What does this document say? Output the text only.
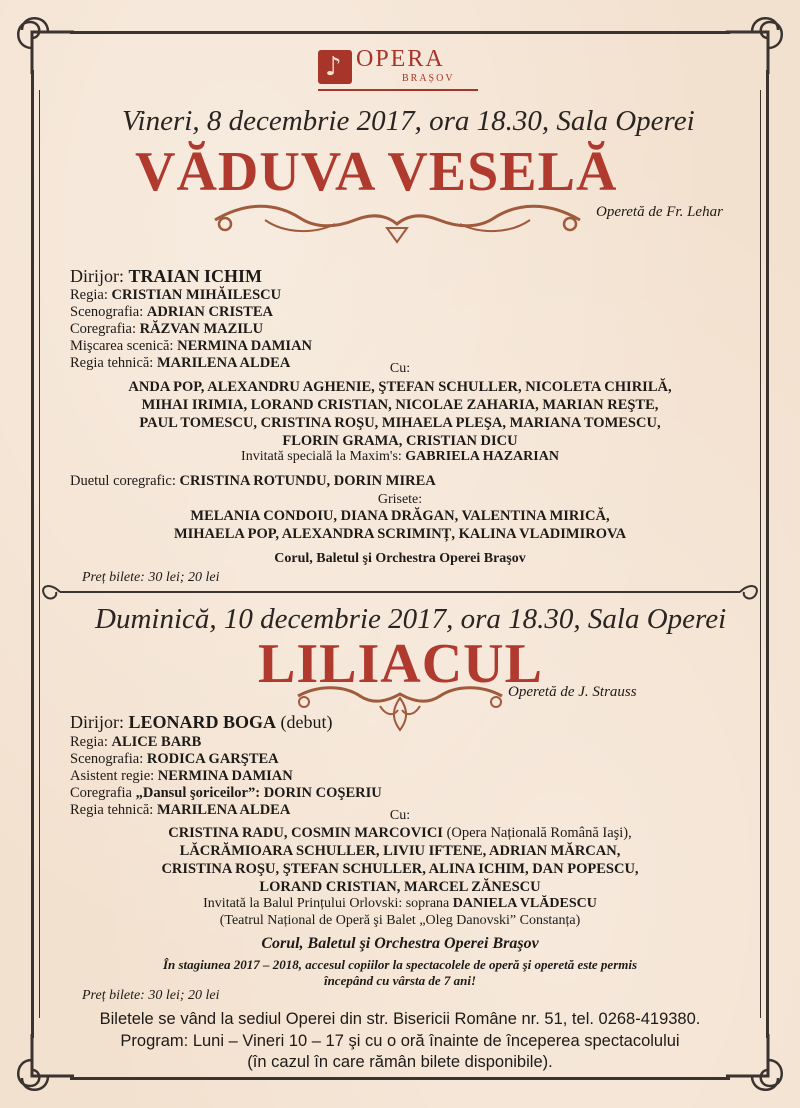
♪ OPERA
BRAȘOV
Vineri, 8 decembrie 2017, ora 18.30, Sala Operei
VĂDUVA VESELĂ
Operetă de Fr. Lehar
Dirijor: TRAIAN ICHIM
Regia: CRISTIAN MIHĂILESCU
Scenografia: ADRIAN CRISTEA
Coregrafia: RĂZVAN MAZILU
Mişcarea scenică: NERMINA DAMIAN
Regia tehnică: MARILENA ALDEA	Cu:
ANDA POP, ALEXANDRU AGHENIE, ŞTEFAN SCHULLER, NICOLETA CHIRILĂ,
MIHAI IRIMIA, LORAND CRISTIAN, NICOLAE ZAHARIA, MARIAN REŞTE,
PAUL TOMESCU, CRISTINA ROŞU, MIHAELA PLEŞA, MARIANA TOMESCU,
FLORIN GRAMA, CRISTIAN DICU
Invitată specială la Maxim's: GABRIELA HAZARIAN
Duetul coregrafic: CRISTINA ROTUNDU, DORIN MIREA
Grisete:
MELANIA CONDOIU, DIANA DRĂGAN, VALENTINA MIRICĂ,
MIHAELA POP, ALEXANDRA SCRIMINȚ, KALINA VLADIMIROVA
Corul, Baletul şi Orchestra Operei Braşov
Preț bilete: 30 lei; 20 lei
Duminică, 10 decembrie 2017, ora 18.30, Sala Operei
LILIACUL
Operetă de J. Strauss
Dirijor: LEONARD BOGA (debut)
Regia: ALICE BARB
Scenografia: RODICA GARŞTEA
Asistent regie: NERMINA DAMIAN
Coregrafia „Dansul şoriceilor”: DORIN COŞERIU
Regia tehnică: MARILENA ALDEA	Cu:
CRISTINA RADU, COSMIN MARCOVICI (Opera Națională Română Iaşi),
LĂCRĂMIOARA SCHULLER, LIVIU IFTENE, ADRIAN MĂRCAN,
CRISTINA ROŞU, ŞTEFAN SCHULLER, ALINA ICHIM, DAN POPESCU,
LORAND CRISTIAN, MARCEL ZĂNESCU
Invitată la Balul Prințului Orlovski: soprana DANIELA VLĂDESCU
(Teatrul Național de Operă şi Balet „Oleg Danovski” Constanța)
Corul, Baletul şi Orchestra Operei Braşov
În stagiunea 2017 – 2018, accesul copiilor la spectacolele de operă şi operetă este permis
începând cu vârsta de 7 ani!
Preț bilete: 30 lei; 20 lei
Biletele se vând la sediul Operei din str. Bisericii Române nr. 51, tel. 0268-419380.
Program: Luni – Vineri 10 – 17 şi cu o oră înainte de începerea spectacolului
(în cazul în care rămân bilete disponibile).
